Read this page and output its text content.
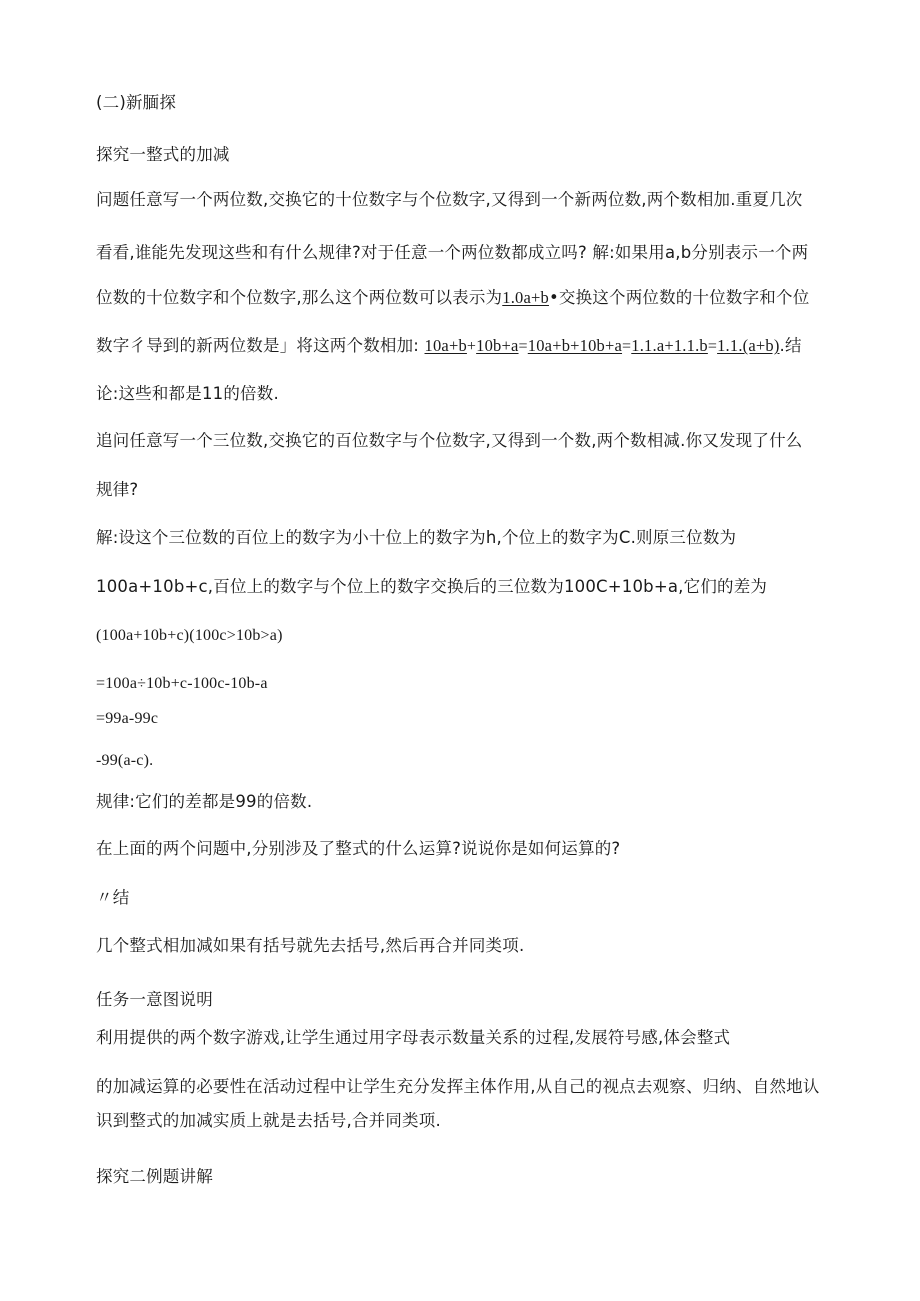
(二)新腼探
探究一整式的加减
问题任意写一个两位数,交换它的十位数字与个位数字,又得到一个新两位数,两个数相加.重夏几次
看看,谁能先发现这些和有什么规律?对于任意一个两位数都成立吗? 解:如果用a,b分别表示一个两
位数的十位数字和个位数字,那么这个两位数可以表示为1.0a+b•交换这个两位数的十位数字和个位
数字彳导到的新两位数是」将这两个数相加: 10a+b+10b+a=10a+b+10b+a=1.1.a+1.1.b=1.1.(a+b).结
论:这些和都是11的倍数.
追问任意写一个三位数,交换它的百位数字与个位数字,又得到一个数,两个数相减.你又发现了什么
规律?
解:设这个三位数的百位上的数字为小十位上的数字为h,个位上的数字为C.则原三位数为
100a+10b+c,百位上的数字与个位上的数字交换后的三位数为100C+10b+a,它们的差为
(100a+10b+c)(100c>10b>a)
=100a÷10b+c-100c-10b-a
=99a-99c
-99(a-c).
规律:它们的差都是99的倍数.
在上面的两个问题中,分别涉及了整式的什么运算?说说你是如何运算的?
〃结
几个整式相加减如果有括号就先去括号,然后再合并同类项.
任务一意图说明
利用提供的两个数字游戏,让学生通过用字母表示数量关系的过程,发展符号感,体会整式
的加减运算的必要性在活动过程中让学生充分发挥主体作用,从自己的视点去观察、归纳、自然地认
识到整式的加减实质上就是去括号,合并同类项.
探究二例题讲解
